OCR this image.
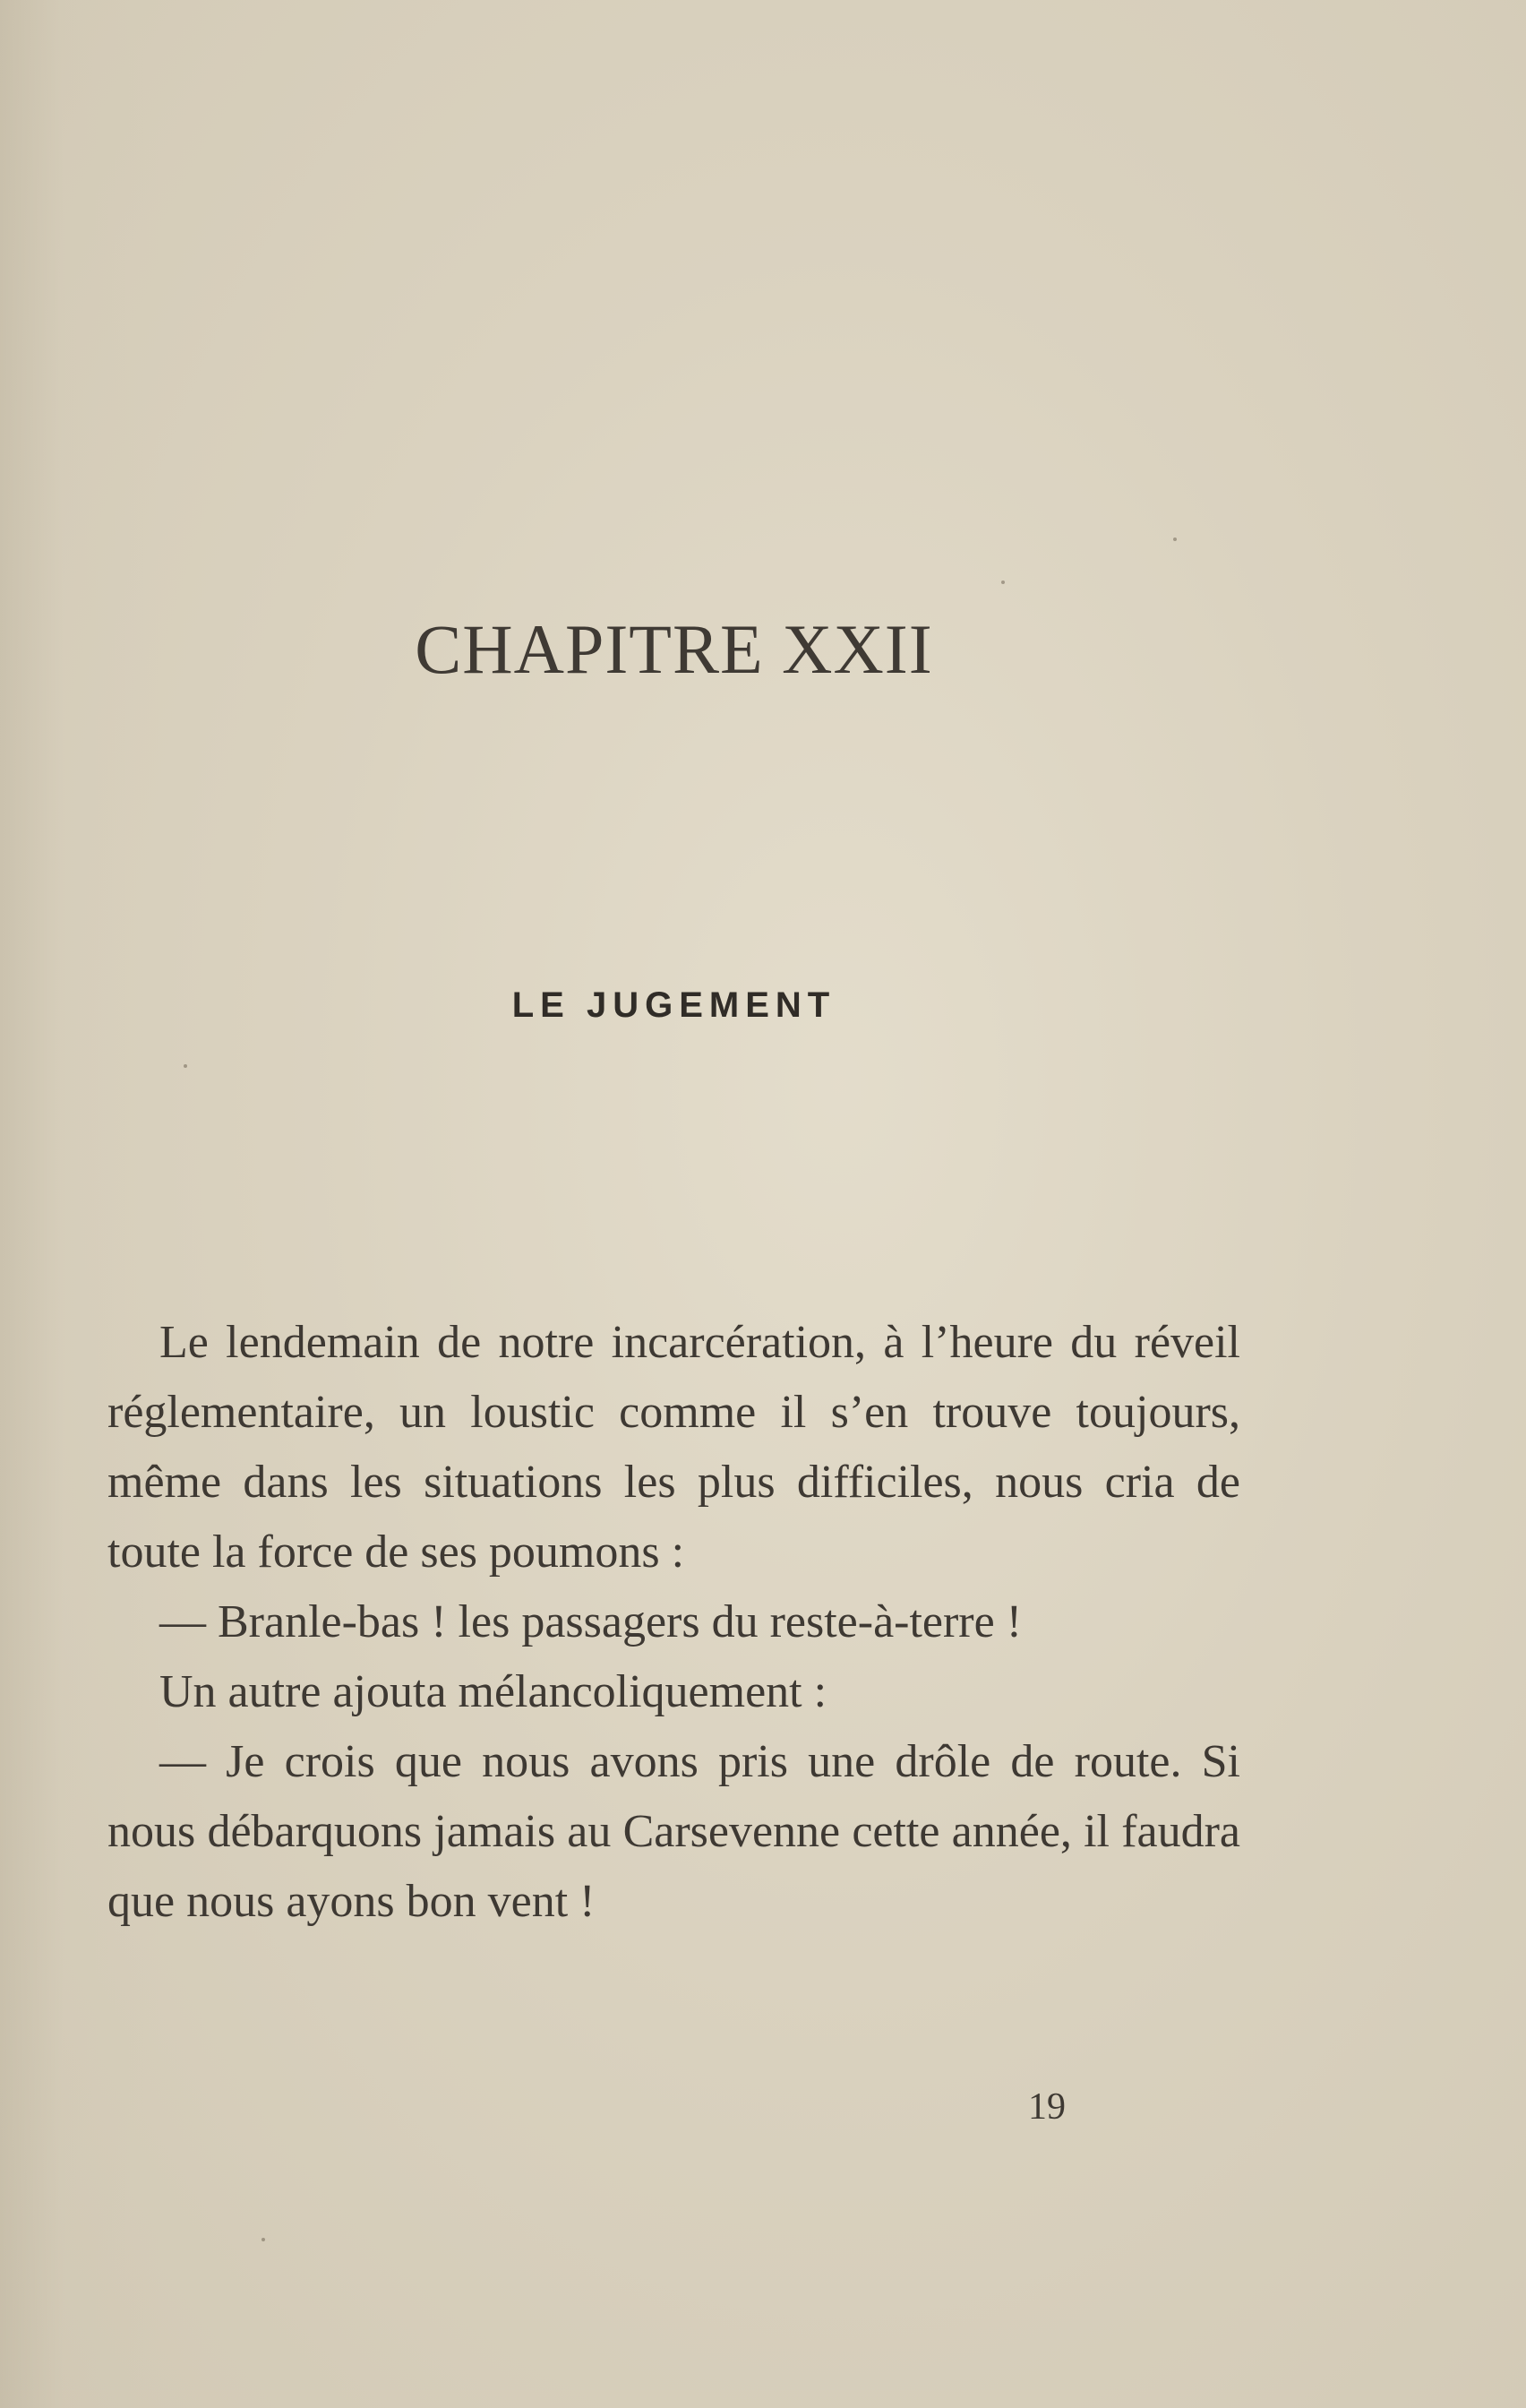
CHAPITRE XXII
LE JUGEMENT

Le lendemain de notre incarcération, à l’heure du réveil réglementaire, un loustic comme il s’en trouve toujours, même dans les situations les plus difficiles, nous cria de toute la force de ses poumons :

— Branle-bas ! les passagers du reste-à-terre !

Un autre ajouta mélancoliquement :

— Je crois que nous avons pris une drôle de route. Si nous débarquons jamais au Carsevenne cette année, il faudra que nous ayons bon vent !

19
